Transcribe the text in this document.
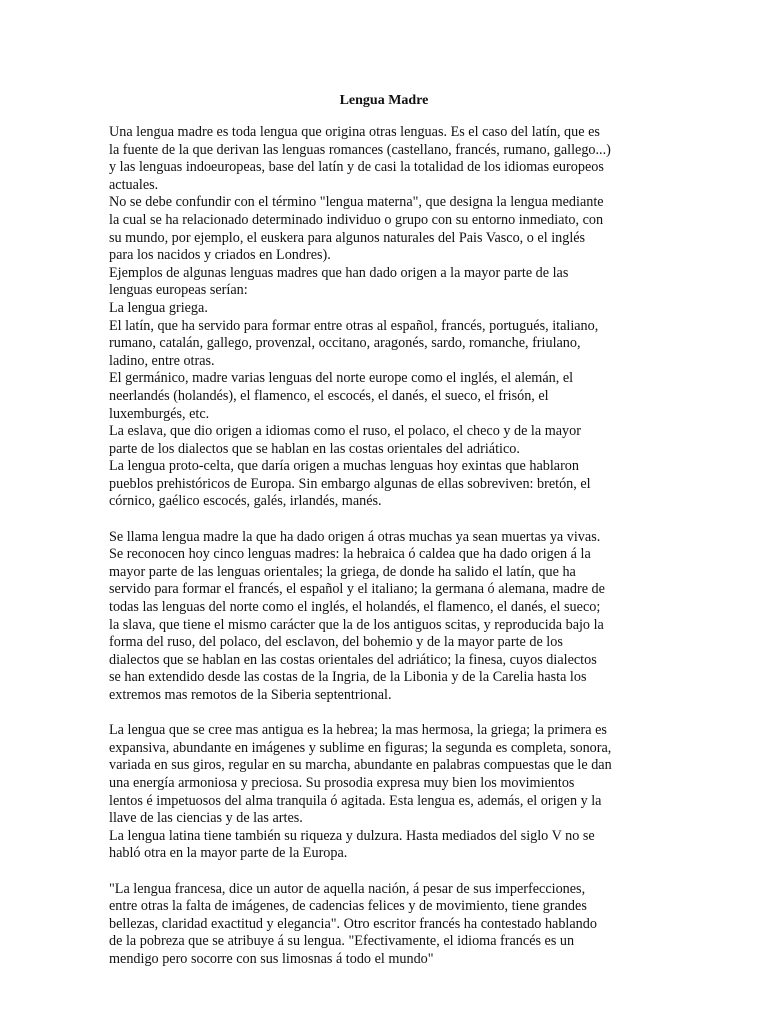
Lengua Madre
Una lengua madre es toda lengua que origina otras lenguas. Es el caso del latín, que es
la fuente de la que derivan las lenguas romances (castellano, francés, rumano, gallego...)
y las lenguas indoeuropeas, base del latín y de casi la totalidad de los idiomas europeos
actuales.
No se debe confundir con el término "lengua materna", que designa la lengua mediante
la cual se ha relacionado determinado individuo o grupo con su entorno inmediato, con
su mundo, por ejemplo, el euskera para algunos naturales del Pais Vasco, o el inglés
para los nacidos y criados en Londres).
Ejemplos de algunas lenguas madres que han dado origen a la mayor parte de las
lenguas europeas serían:
La lengua griega.
El latín, que ha servido para formar entre otras al español, francés, portugués, italiano,
rumano, catalán, gallego, provenzal, occitano, aragonés, sardo, romanche, friulano,
ladino, entre otras.
El germánico, madre varias lenguas del norte europe como el inglés, el alemán, el
neerlandés (holandés), el flamenco, el escocés, el danés, el sueco, el frisón, el
luxemburgés, etc.
La eslava, que dio origen a idiomas como el ruso, el polaco, el checo y de la mayor
parte de los dialectos que se hablan en las costas orientales del adriático.
La lengua proto-celta, que daría origen a muchas lenguas hoy exintas que hablaron
pueblos prehistóricos de Europa. Sin embargo algunas de ellas sobreviven: bretón, el
córnico, gaélico escocés, galés, irlandés, manés.
Se llama lengua madre la que ha dado origen á otras muchas ya sean muertas ya vivas.
Se reconocen hoy cinco lenguas madres: la hebraica ó caldea que ha dado origen á la
mayor parte de las lenguas orientales; la griega, de donde ha salido el latín, que ha
servido para formar el francés, el español y el italiano; la germana ó alemana, madre de
todas las lenguas del norte como el inglés, el holandés, el flamenco, el danés, el sueco;
la slava, que tiene el mismo carácter que la de los antiguos scitas, y reproducida bajo la
forma del ruso, del polaco, del esclavon, del bohemio y de la mayor parte de los
dialectos que se hablan en las costas orientales del adriático; la finesa, cuyos dialectos
se han extendido desde las costas de la Ingria, de la Libonia y de la Carelia hasta los
extremos mas remotos de la Siberia septentrional.
La lengua que se cree mas antigua es la hebrea; la mas hermosa, la griega; la primera es
expansiva, abundante en imágenes y sublime en figuras; la segunda es completa, sonora,
variada en sus giros, regular en su marcha, abundante en palabras compuestas que le dan
una energía armoniosa y preciosa. Su prosodia expresa muy bien los movimientos
lentos é impetuosos del alma tranquila ó agitada. Esta lengua es, además, el origen y la
llave de las ciencias y de las artes.
La lengua latina tiene también su riqueza y dulzura. Hasta mediados del siglo V no se
habló otra en la mayor parte de la Europa.
"La lengua francesa, dice un autor de aquella nación, á pesar de sus imperfecciones,
entre otras la falta de imágenes, de cadencias felices y de movimiento, tiene grandes
bellezas, claridad exactitud y elegancia". Otro escritor francés ha contestado hablando
de la pobreza que se atribuye á su lengua. "Efectivamente, el idioma francés es un
mendigo pero socorre con sus limosnas á todo el mundo"
